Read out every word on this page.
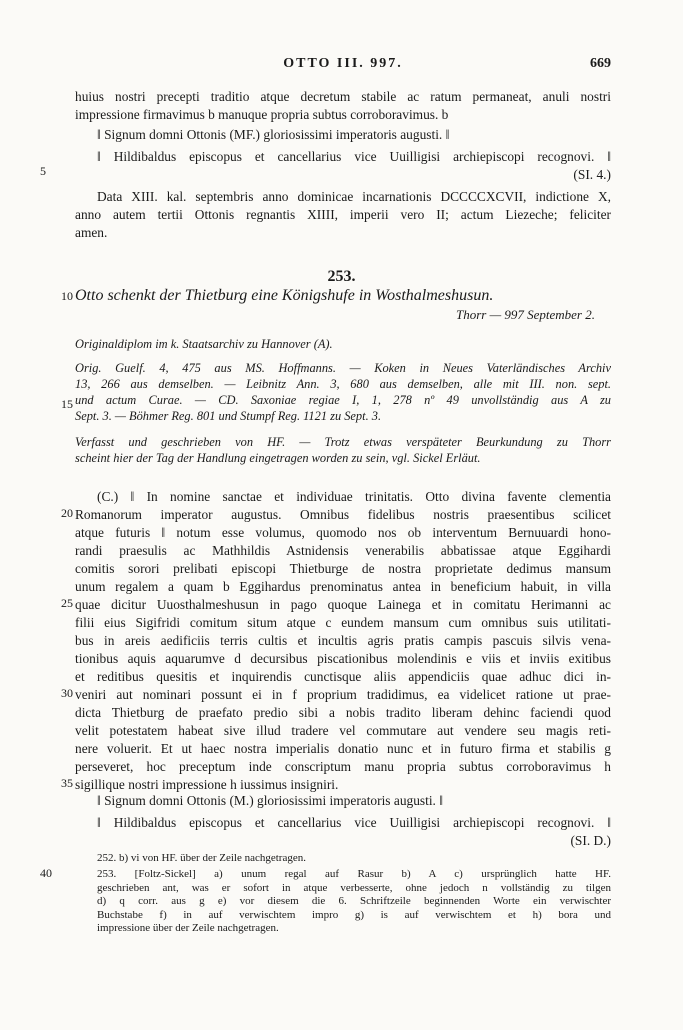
OTTO III. 997.	669
huius nostri precepti traditio atque decretum stabile ac ratum permaneat, anuli nostri
impressione firmavimus b manuque propria subtus corroboravimus. b
‖ Signum domni Ottonis (MF.) gloriosissimi imperatoris augusti. ‖
‖ Hildibaldus episcopus et cancellarius vice Uuilligisi archiepiscopi recognovi. ‖
(SI. 4.)
Data XIII. kal. septembris anno dominicae incarnationis DCCCCXCVII, indictione X,
anno autem tertii Ottonis regnantis XIIII, imperii vero II; actum Liezeche; feliciter
amen.
253.
Otto schenkt der Thietburg eine Königshufe in Wosthalmeshusun.
Thorr — 997 September 2.
Originaldiplom im k. Staatsarchiv zu Hannover (A).
Orig. Guelf. 4, 475 aus MS. Hoffmanns. — Koken in Neues Vaterländisches Archiv
13, 266 aus demselben. — Leibnitz Ann. 3, 680 aus demselben, alle mit III. non. sept.
und actum Curae. — CD. Saxoniae regiae I, 1, 278 nº 49 unvollständig aus A zu
Sept. 3. — Böhmer Reg. 801 und Stumpf Reg. 1121 zu Sept. 3.
Verfasst und geschrieben von HF. — Trotz etwas verspäteter Beurkundung zu Thorr
scheint hier der Tag der Handlung eingetragen worden zu sein, vgl. Sickel Erläut.
(C.) ‖ In nomine sanctae et individuae trinitatis. Otto divina favente clementia
Romanorum imperator augustus. Omnibus fidelibus nostris praesentibus scilicet
atque futuris ‖ notum esse volumus, quomodo nos ob interventum Bernuuardi hono-
randi praesulis ac Mathhildis Astnidensis venerabilis abbatissae atque Eggihardi
comitis sorori prelibati episcopi Thietburge de nostra proprietate dedimus mansum
unum regalem a quam b Eggihardus prenominatus antea in beneficium habuit, in villa
quae dicitur Uuosthalmeshusun in pago quoque Lainega et in comitatu Herimanni ac
filii eius Sigifridi comitum situm atque c eundem mansum cum omnibus suis utilitati-
bus in areis aedificiis terris cultis et incultis agris pratis campis pascuis silvis vena-
tionibus aquis aquarumve d decursibus piscationibus molendinis e viis et inviis exitibus
et reditibus quesitis et inquirendis cunctisque aliis appendiciis quae adhuc dici in-
veniri aut nominari possunt ei in f proprium tradidimus, ea videlicet ratione ut prae-
dicta Thietburg de praefato predio sibi a nobis tradito liberam dehinc faciendi quod
velit potestatem habeat sive illud tradere vel commutare aut vendere seu magis reti-
nere voluerit. Et ut haec nostra imperialis donatio nunc et in futuro firma et stabilis g
perseveret, hoc preceptum inde conscriptum manu propria subtus corroboravimus h
sigillique nostri impressione h iussimus insigniri.
‖ Signum domni Ottonis (M.) gloriosissimi imperatoris augusti. ‖
‖ Hildibaldus episcopus et cancellarius vice Uuilligisi archiepiscopi recognovi. ‖
(SI. D.)
252. b) vi von HF. über der Zeile nachgetragen.
253. [Foltz-Sickel] a) unum regal auf Rasur b) A c) ursprünglich hatte HF.
geschrieben ant, was er sofort in atque verbesserte, ohne jedoch n vollständig zu tilgen
d) q corr. aus g e) vor diesem die 6. Schriftzeile beginnenden Worte ein verwischter
Buchstabe f) in auf verwischtem impro g) is auf verwischtem et h) bora und
impressione über der Zeile nachgetragen.
5
10
15
20
25
30
35
40
